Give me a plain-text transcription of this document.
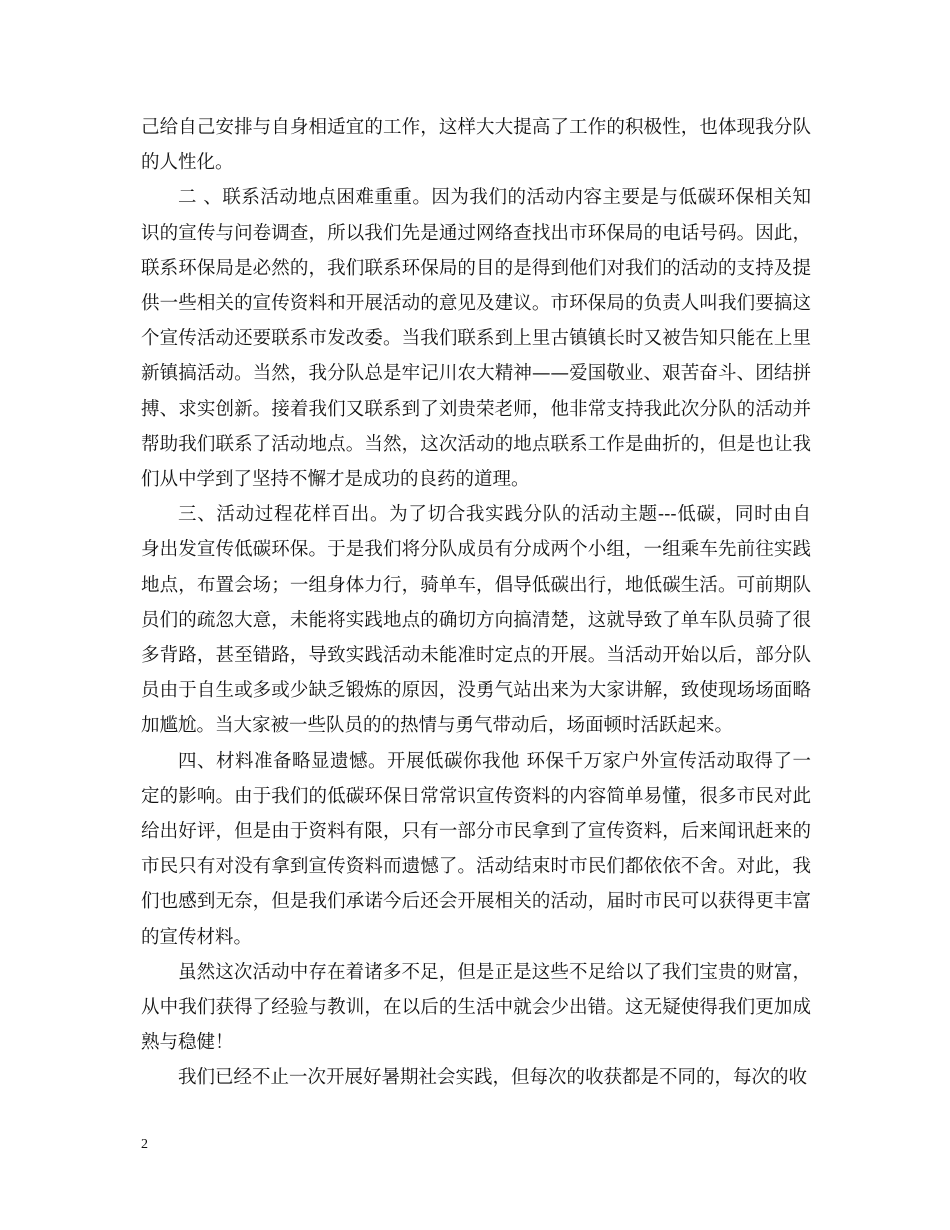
己给自己安排与自身相适宜的工作，这样大大提高了工作的积极性，也体现我分队
的人性化。
二 、联系活动地点困难重重。因为我们的活动内容主要是与低碳环保相关知
识的宣传与问卷调查，所以我们先是通过网络查找出市环保局的电话号码。因此，
联系环保局是必然的，我们联系环保局的目的是得到他们对我们的活动的支持及提
供一些相关的宣传资料和开展活动的意见及建议。市环保局的负责人叫我们要搞这
个宣传活动还要联系市发改委。当我们联系到上里古镇镇长时又被告知只能在上里
新镇搞活动。当然，我分队总是牢记川农大精神——爱国敬业、艰苦奋斗、团结拼
搏、求实创新。接着我们又联系到了刘贵荣老师，他非常支持我此次分队的活动并
帮助我们联系了活动地点。当然，这次活动的地点联系工作是曲折的，但是也让我
们从中学到了坚持不懈才是成功的良药的道理。
三、活动过程花样百出。为了切合我实践分队的活动主题---低碳，同时由自
身出发宣传低碳环保。于是我们将分队成员有分成两个小组，一组乘车先前往实践
地点，布置会场；一组身体力行，骑单车，倡导低碳出行，地低碳生活。可前期队
员们的疏忽大意，未能将实践地点的确切方向搞清楚，这就导致了单车队员骑了很
多背路，甚至错路，导致实践活动未能准时定点的开展。当活动开始以后，部分队
员由于自生或多或少缺乏锻炼的原因，没勇气站出来为大家讲解，致使现场场面略
加尴尬。当大家被一些队员的的热情与勇气带动后，场面顿时活跃起来。
四、材料准备略显遗憾。开展低碳你我他 环保千万家户外宣传活动取得了一
定的影响。由于我们的低碳环保日常常识宣传资料的内容简单易懂，很多市民对此
给出好评，但是由于资料有限，只有一部分市民拿到了宣传资料，后来闻讯赶来的
市民只有对没有拿到宣传资料而遗憾了。活动结束时市民们都依依不舍。对此，我
们也感到无奈，但是我们承诺今后还会开展相关的活动，届时市民可以获得更丰富
的宣传材料。
虽然这次活动中存在着诸多不足，但是正是这些不足给以了我们宝贵的财富，
从中我们获得了经验与教训，在以后的生活中就会少出错。这无疑使得我们更加成
熟与稳健！
我们已经不止一次开展好暑期社会实践，但每次的收获都是不同的，每次的收
2
